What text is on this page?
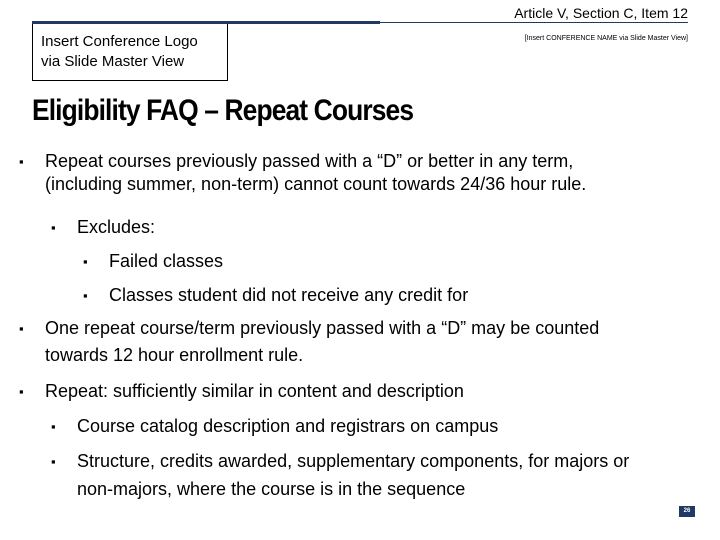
Article V, Section C, Item 12
Insert Conference Logo
via Slide Master View
[Insert CONFERENCE NAME via Slide Master View]
Eligibility FAQ – Repeat Courses
▪ Repeat courses previously passed with a “D” or better in any term,
(including summer, non-term) cannot count towards 24/36 hour rule.
▪ Excludes:
▪ Failed classes
▪ Classes student did not receive any credit for
▪ One repeat course/term previously passed with a “D” may be counted
towards 12 hour enrollment rule.
▪ Repeat: sufficiently similar in content and description
▪ Course catalog description and registrars on campus
▪ Structure, credits awarded, supplementary components, for majors or
non-majors, where the course is in the sequence
26
